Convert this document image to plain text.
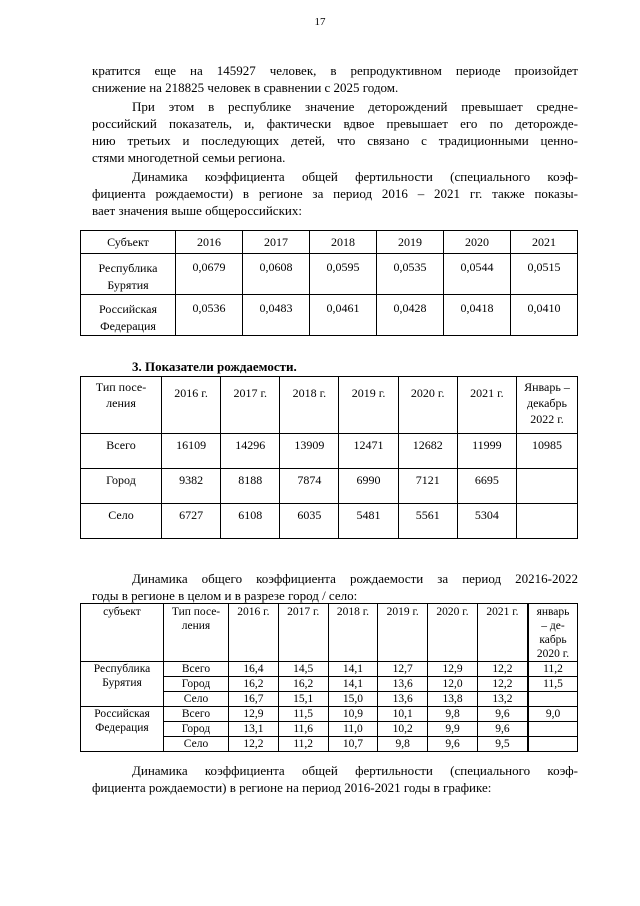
17

кратится еще на 145927 человек, в репродуктивном периоде произойдет
снижение на 218825 человек в сравнении с 2025 годом.

При этом в республике значение деторождений превышает средне-
российский показатель, и, фактически вдвое превышает его по деторожде-
нию третьих и последующих детей, что связано с традиционными ценно-
стями многодетной семьи региона.

Динамика коэффициента общей фертильности (специального коэф-
фициента рождаемости) в регионе за период 2016 – 2021 гг. также показы-
вает значения выше общероссийских:

Субъект	2016	2017	2018	2019	2020	2021
Республика
Бурятия	0,0679	0,0608	0,0595	0,0535	0,0544	0,0515
Российская
Федерация	0,0536	0,0483	0,0461	0,0428	0,0418	0,0410

3. Показатели рождаемости.

Тип посе-
ления	2016 г.	2017 г.	2018 г.	2019 г.	2020 г.	2021 г.	Январь –
декабрь
2022 г.
Всего	16109	14296	13909	12471	12682	11999	10985
Город	9382	8188	7874	6990	7121	6695	
Село	6727	6108	6035	5481	5561	5304	

Динамика общего коэффициента рождаемости за период 20216-2022
годы в регионе в целом и в разрезе город / село:

субъект	Тип посе-
ления	2016 г.	2017 г.	2018 г.	2019 г.	2020 г.	2021 г.	январь
– де-
кабрь
2020 г.
Республика
Бурятия	Всего	16,4	14,5	14,1	12,7	12,9	12,2	11,2
	Город	16,2	16,2	14,1	13,6	12,0	12,2	11,5
	Село	16,7	15,1	15,0	13,6	13,8	13,2	
Российская
Федерация	Всего	12,9	11,5	10,9	10,1	9,8	9,6	9,0
	Город	13,1	11,6	11,0	10,2	9,9	9,6	
	Село	12,2	11,2	10,7	9,8	9,6	9,5	

Динамика коэффициента общей фертильности (специального коэф-
фициента рождаемости) в регионе на период 2016-2021 годы в графике:
